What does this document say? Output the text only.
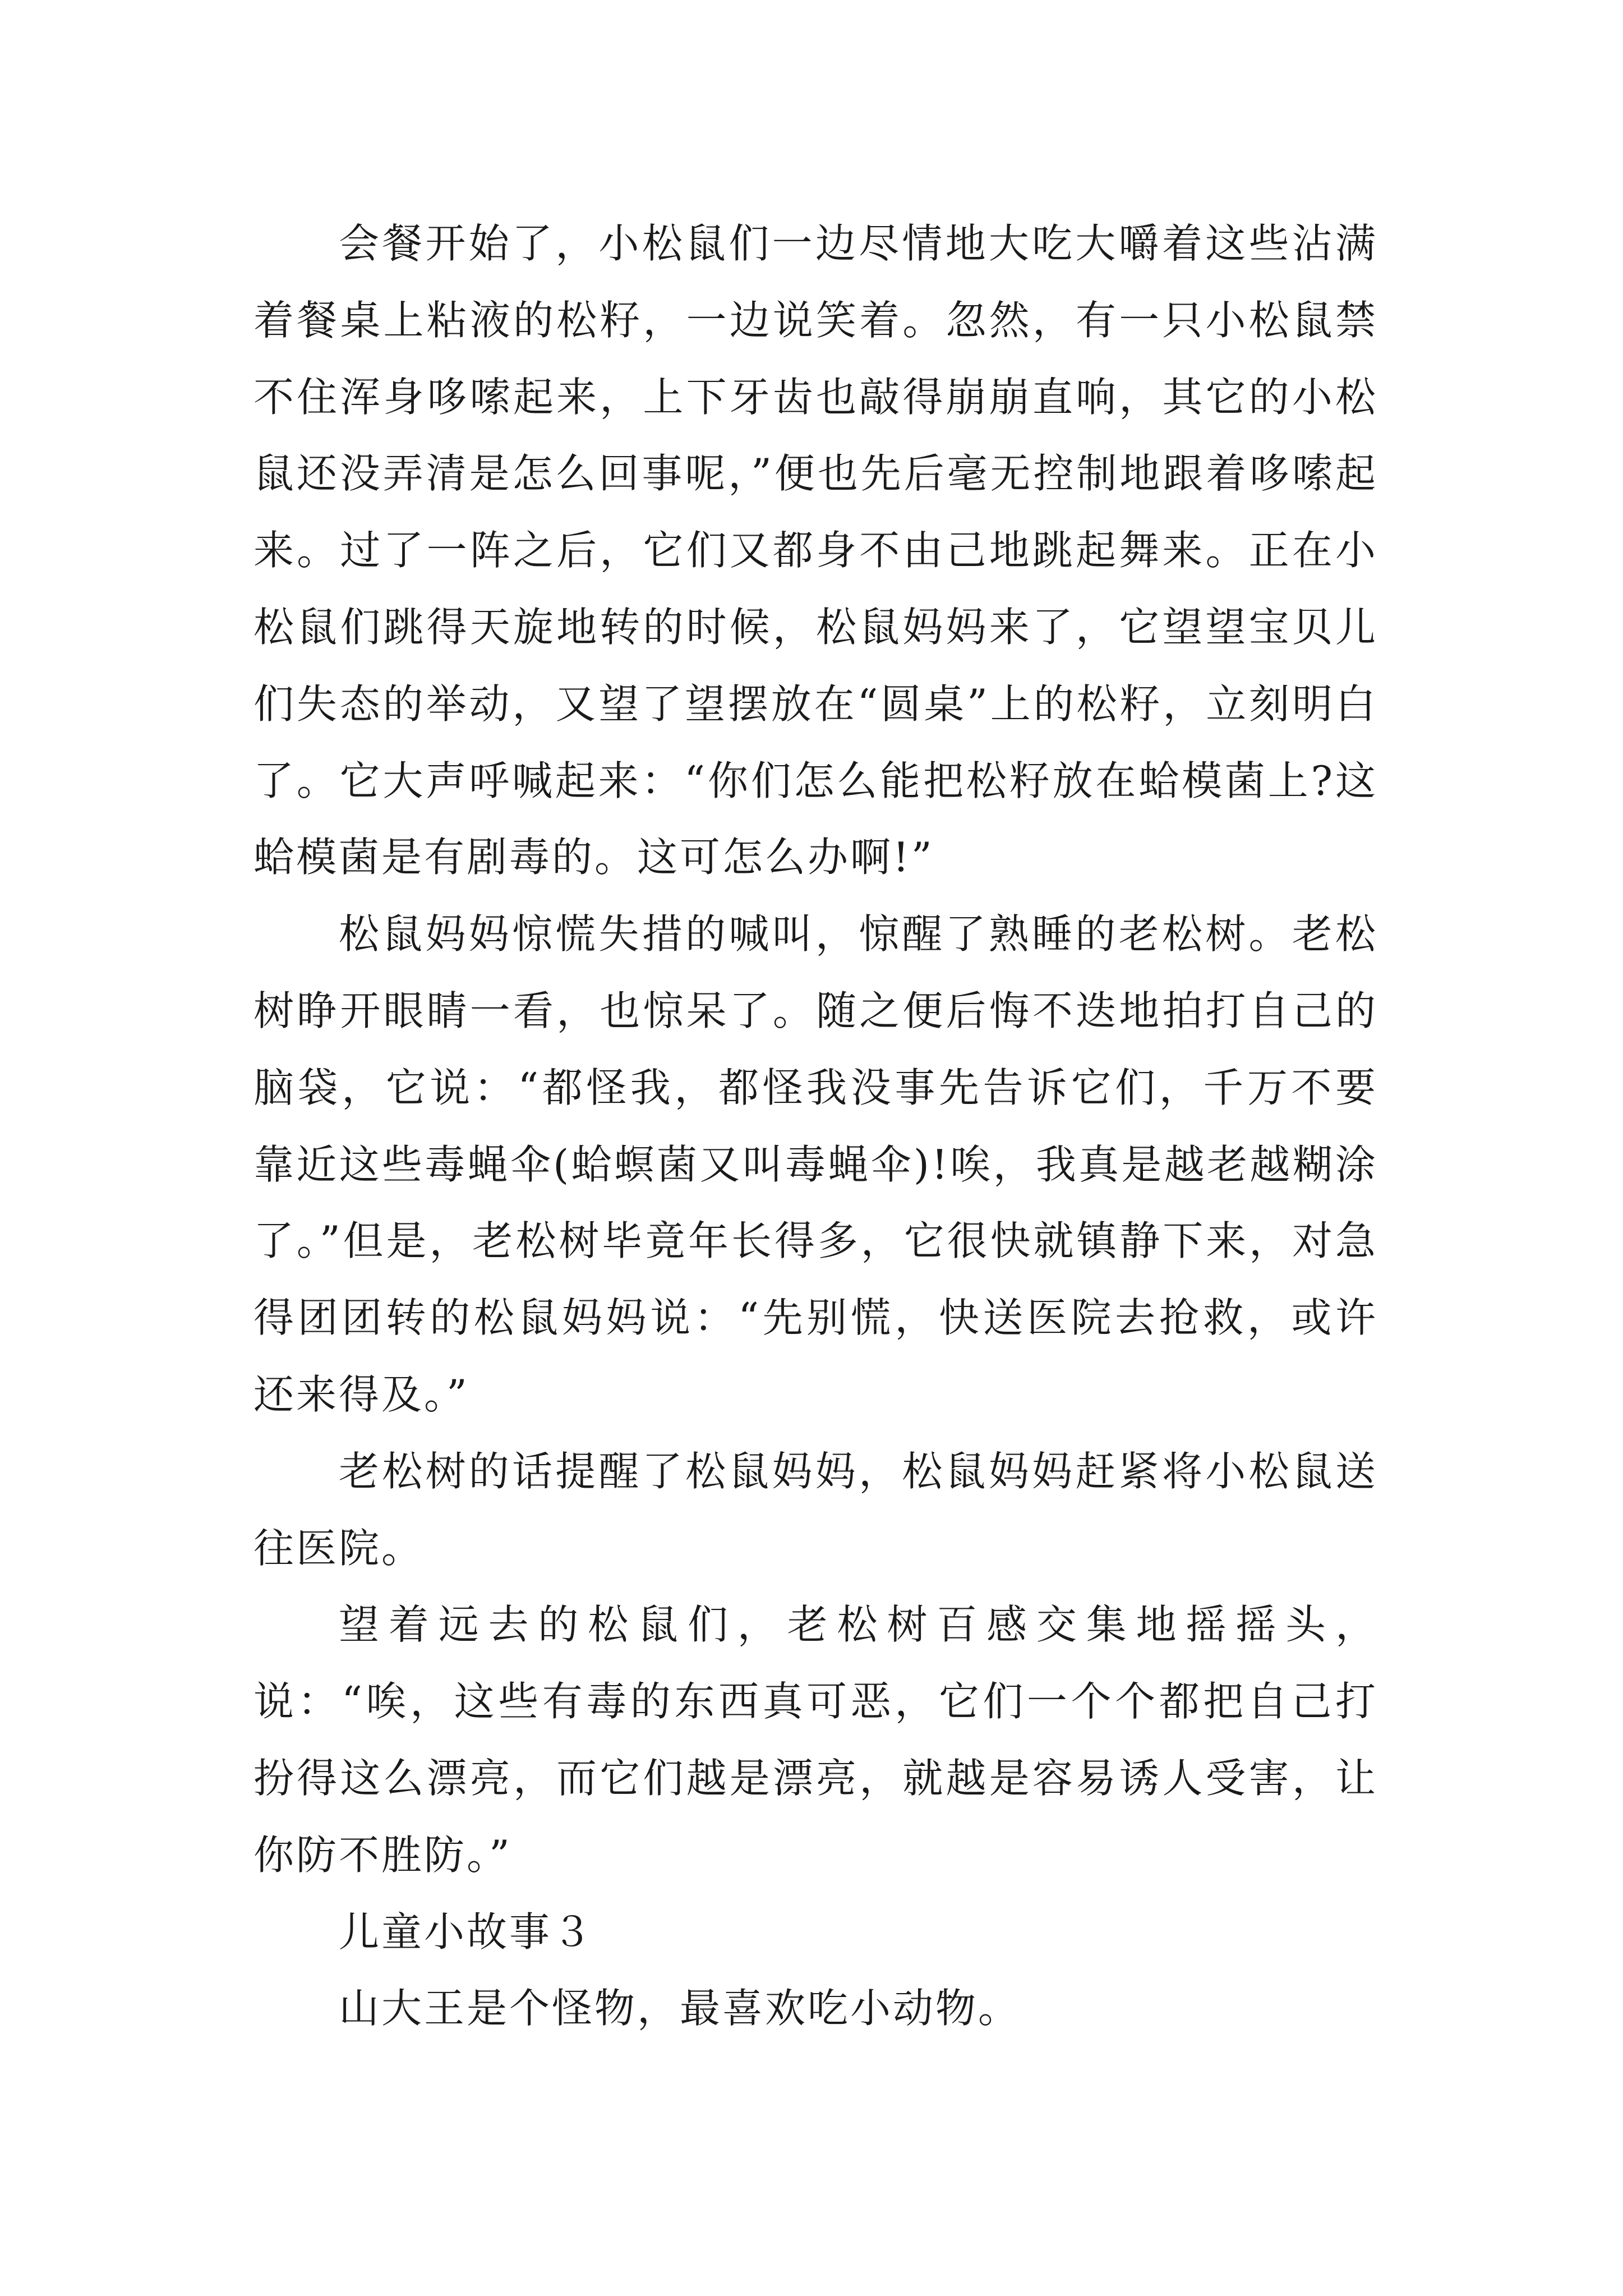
会餐开始了，小松鼠们一边尽情地大吃大嚼着这些沾满着餐桌上粘液的松籽，一边说笑着。忽然，有一只小松鼠禁不住浑身哆嗦起来，上下牙齿也敲得崩崩直响，其它的小松鼠还没弄清是怎么回事呢，”便也先后毫无控制地跟着哆嗦起来。过了一阵之后，它们又都身不由己地跳起舞来。正在小松鼠们跳得天旋地转的时候，松鼠妈妈来了，它望望宝贝儿们失态的举动，又望了望摆放在“圆桌”上的松籽，立刻明白了。它大声呼喊起来：“你们怎么能把松籽放在蛤模菌上?这蛤模菌是有剧毒的。这可怎么办啊!”

松鼠妈妈惊慌失措的喊叫，惊醒了熟睡的老松树。老松树睁开眼睛一看，也惊呆了。随之便后悔不迭地拍打自己的脑袋，它说：“都怪我，都怪我没事先告诉它们，千万不要靠近这些毒蝇伞(蛤螟菌又叫毒蝇伞)!唉，我真是越老越糊涂了。”但是，老松树毕竟年长得多，它很快就镇静下来，对急得团团转的松鼠妈妈说：“先别慌，快送医院去抢救，或许还来得及。”

老松树的话提醒了松鼠妈妈，松鼠妈妈赶紧将小松鼠送往医院。

望着远去的松鼠们，老松树百感交集地摇摇头，说：“唉，这些有毒的东西真可恶，它们一个个都把自己打扮得这么漂亮，而它们越是漂亮，就越是容易诱人受害，让你防不胜防。”

儿童小故事３

山大王是个怪物，最喜欢吃小动物。
